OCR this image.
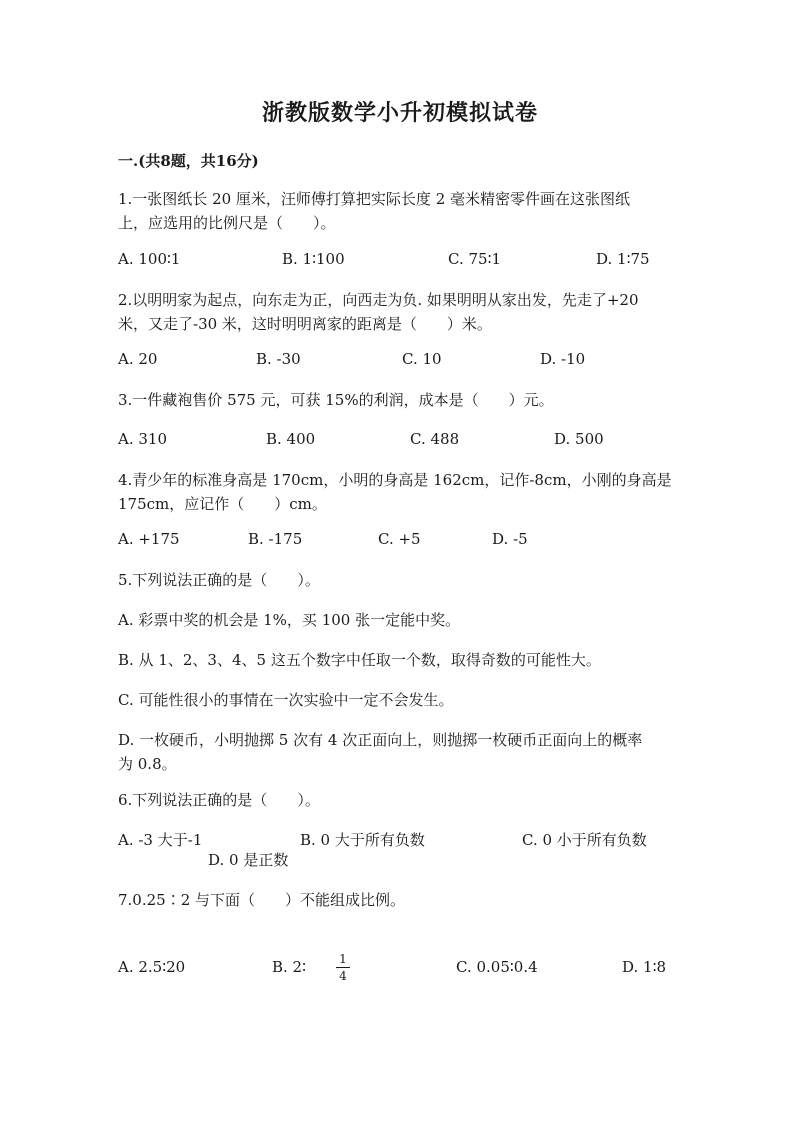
浙教版数学小升初模拟试卷
一.(共8题，共16分)
1.一张图纸长 20 厘米，汪师傅打算把实际长度 2 毫米精密零件画在这张图纸
上，应选用的比例尺是（　　）。
A. 100∶1	B. 1∶100	C. 75∶1	D. 1∶75
2.以明明家为起点，向东走为正，向西走为负. 如果明明从家出发，先走了+20
米，又走了-30 米，这时明明离家的距离是（　　）米。
A. 20	B. -30	C. 10	D. -10
3.一件藏袍售价 575 元，可获 15%的利润，成本是（　　）元。
A. 310	B. 400	C. 488	D. 500
4.青少年的标准身高是 170cm，小明的身高是 162cm，记作-8cm，小刚的身高是
175cm，应记作（　　）cm。
A. +175	B. -175	C. +5	D. -5
5.下列说法正确的是（　　）。
A. 彩票中奖的机会是 1%，买 100 张一定能中奖。
B. 从 1、2、3、4、5 这五个数字中任取一个数，取得奇数的可能性大。
C. 可能性很小的事情在一次实验中一定不会发生。
D. 一枚硬币，小明抛掷 5 次有 4 次正面向上，则抛掷一枚硬币正面向上的概率
为 0.8。
6.下列说法正确的是（　　）。
A. -3 大于-1	B. 0 大于所有负数	C. 0 小于所有负数
D. 0 是正数
7.0.25∶2 与下面（　　）不能组成比例。
A. 2.5∶20	B. 2∶	1
4	C. 0.05∶0.4	D. 1∶8
